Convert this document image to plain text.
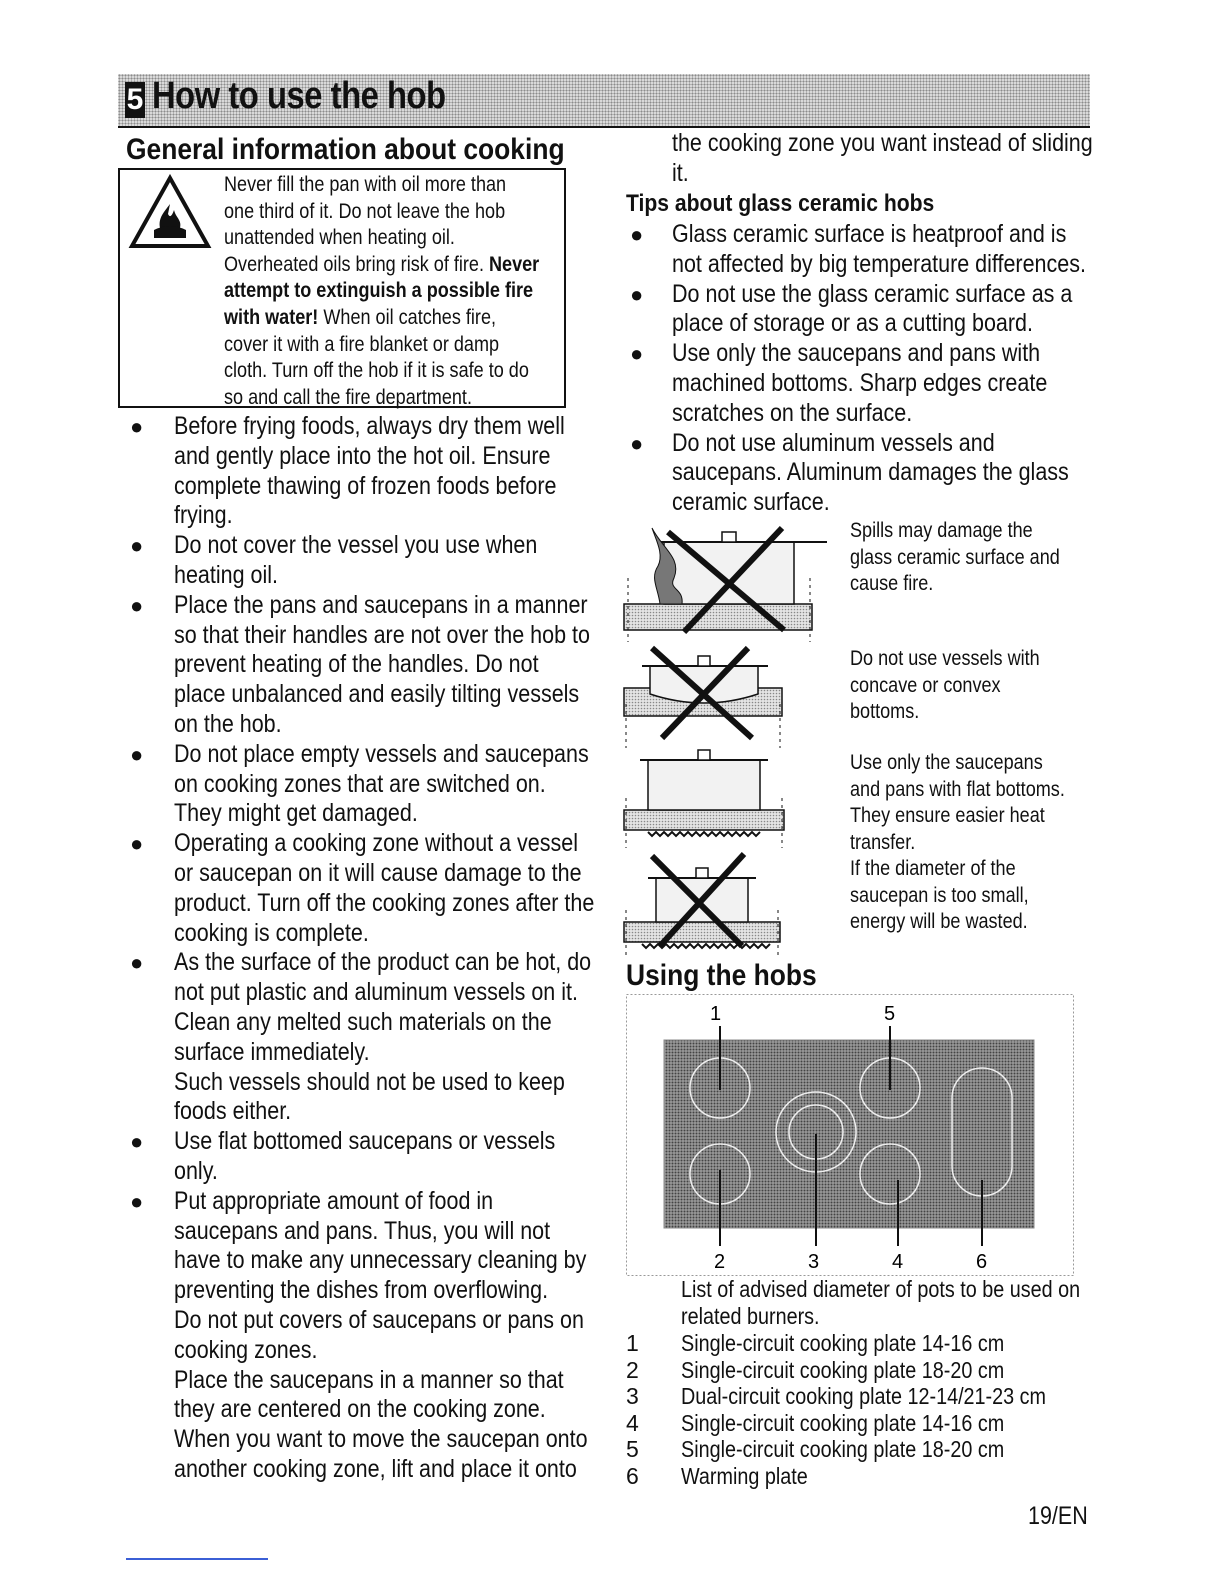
5 How to use the hob
General information about cooking
Never fill the pan with oil more than
one third of it. Do not leave the hob
unattended when heating oil.
Overheated oils bring risk of fire. Never attempt to extinguish a possible fire with water! When oil catches fire, cover it with a fire blanket or damp cloth. Turn off the hob if it is safe to do so and call the fire department.
● Before frying foods, always dry them well and gently place into the hot oil. Ensure complete thawing of frozen foods before frying.
● Do not cover the vessel you use when heating oil.
● Place the pans and saucepans in a manner so that their handles are not over the hob to prevent heating of the handles. Do not place unbalanced and easily tilting vessels on the hob.
● Do not place empty vessels and saucepans on cooking zones that are switched on. They might get damaged.
● Operating a cooking zone without a vessel or saucepan on it will cause damage to the product. Turn off the cooking zones after the cooking is complete.
● As the surface of the product can be hot, do not put plastic and aluminum vessels on it. Clean any melted such materials on the surface immediately.
Such vessels should not be used to keep foods either.
● Use flat bottomed saucepans or vessels only.
● Put appropriate amount of food in saucepans and pans. Thus, you will not have to make any unnecessary cleaning by preventing the dishes from overflowing.
Do not put covers of saucepans or pans on cooking zones.
Place the saucepans in a manner so that they are centered on the cooking zone. When you want to move the saucepan onto another cooking zone, lift and place it onto
the cooking zone you want instead of sliding it.
Tips about glass ceramic hobs
● Glass ceramic surface is heatproof and is not affected by big temperature differences.
● Do not use the glass ceramic surface as a place of storage or as a cutting board.
● Use only the saucepans and pans with machined bottoms. Sharp edges create scratches on the surface.
● Do not use aluminum vessels and saucepans. Aluminum damages the glass ceramic surface.
Spills may damage the glass ceramic surface and cause fire.
Do not use vessels with concave or convex bottoms.
Use only the saucepans and pans with flat bottoms. They ensure easier heat transfer.
If the diameter of the saucepan is too small, energy will be wasted.
Using the hobs
1	5
2	3	4	6
List of advised diameter of pots to be used on related burners.
1	Single-circuit cooking plate 14-16 cm
2	Single-circuit cooking plate 18-20 cm
3	Dual-circuit cooking plate 12-14/21-23 cm
4	Single-circuit cooking plate 14-16 cm
5	Single-circuit cooking plate 18-20 cm
6	Warming plate
19/EN
